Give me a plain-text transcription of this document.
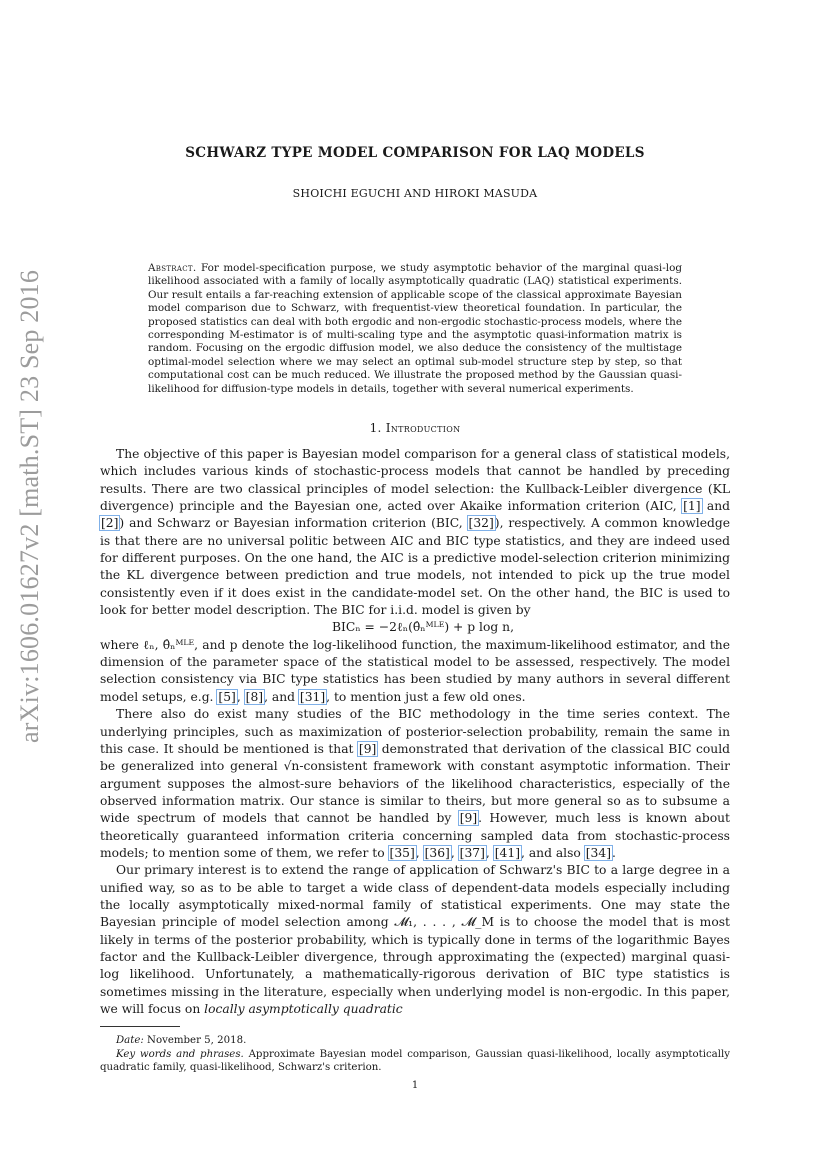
arXiv:1606.01627v2 [math.ST] 23 Sep 2016
SCHWARZ TYPE MODEL COMPARISON FOR LAQ MODELS
SHOICHI EGUCHI AND HIROKI MASUDA
Abstract. For model-specification purpose, we study asymptotic behavior of the marginal quasi-log likelihood associated with a family of locally asymptotically quadratic (LAQ) statistical experiments. Our result entails a far-reaching extension of applicable scope of the classical approximate Bayesian model comparison due to Schwarz, with frequentist-view theoretical foundation. In particular, the proposed statistics can deal with both ergodic and non-ergodic stochastic-process models, where the corresponding M-estimator is of multi-scaling type and the asymptotic quasi-information matrix is random. Focusing on the ergodic diffusion model, we also deduce the consistency of the multistage optimal-model selection where we may select an optimal sub-model structure step by step, so that computational cost can be much reduced. We illustrate the proposed method by the Gaussian quasi-likelihood for diffusion-type models in details, together with several numerical experiments.
1. Introduction

The objective of this paper is Bayesian model comparison for a general class of statistical models, which includes various kinds of stochastic-process models that cannot be handled by preceding results. There are two classical principles of model selection: the Kullback-Leibler divergence (KL divergence) principle and the Bayesian one, acted over Akaike information criterion (AIC, [1] and [2]) and Schwarz or Bayesian information criterion (BIC, [32]), respectively. A common knowledge is that there are no universal politic between AIC and BIC type statistics, and they are indeed used for different purposes. On the one hand, the AIC is a predictive model-selection criterion minimizing the KL divergence between prediction and true models, not intended to pick up the true model consistently even if it does exist in the candidate-model set. On the other hand, the BIC is used to look for better model description. The BIC for i.i.d. model is given by

BICₙ = −2ℓₙ(θ̂ₙᴹᴸᴱ) + p log n,

where ℓₙ, θ̂ₙᴹᴸᴱ, and p denote the log-likelihood function, the maximum-likelihood estimator, and the dimension of the parameter space of the statistical model to be assessed, respectively. The model selection consistency via BIC type statistics has been studied by many authors in several different model setups, e.g. [5], [8], and [31], to mention just a few old ones.

There also do exist many studies of the BIC methodology in the time series context. The underlying principles, such as maximization of posterior-selection probability, remain the same in this case. It should be mentioned is that [9] demonstrated that derivation of the classical BIC could be generalized into general √n-consistent framework with constant asymptotic information. Their argument supposes the almost-sure behaviors of the likelihood characteristics, especially of the observed information matrix. Our stance is similar to theirs, but more general so as to subsume a wide spectrum of models that cannot be handled by [9]. However, much less is known about theoretically guaranteed information criteria concerning sampled data from stochastic-process models; to mention some of them, we refer to [35], [36], [37], [41], and also [34].

Our primary interest is to extend the range of application of Schwarz's BIC to a large degree in a unified way, so as to be able to target a wide class of dependent-data models especially including the locally asymptotically mixed-normal family of statistical experiments. One may state the Bayesian principle of model selection among 𝓜₁, . . . , 𝓜_M is to choose the model that is most likely in terms of the posterior probability, which is typically done in terms of the logarithmic Bayes factor and the Kullback-Leibler divergence, through approximating the (expected) marginal quasi-log likelihood. Unfortunately, a mathematically-rigorous derivation of BIC type statistics is sometimes missing in the literature, especially when underlying model is non-ergodic. In this paper, we will focus on locally asymptotically quadratic

Date: November 5, 2018.

Key words and phrases. Approximate Bayesian model comparison, Gaussian quasi-likelihood, locally asymptotically quadratic family, quasi-likelihood, Schwarz's criterion.

1
